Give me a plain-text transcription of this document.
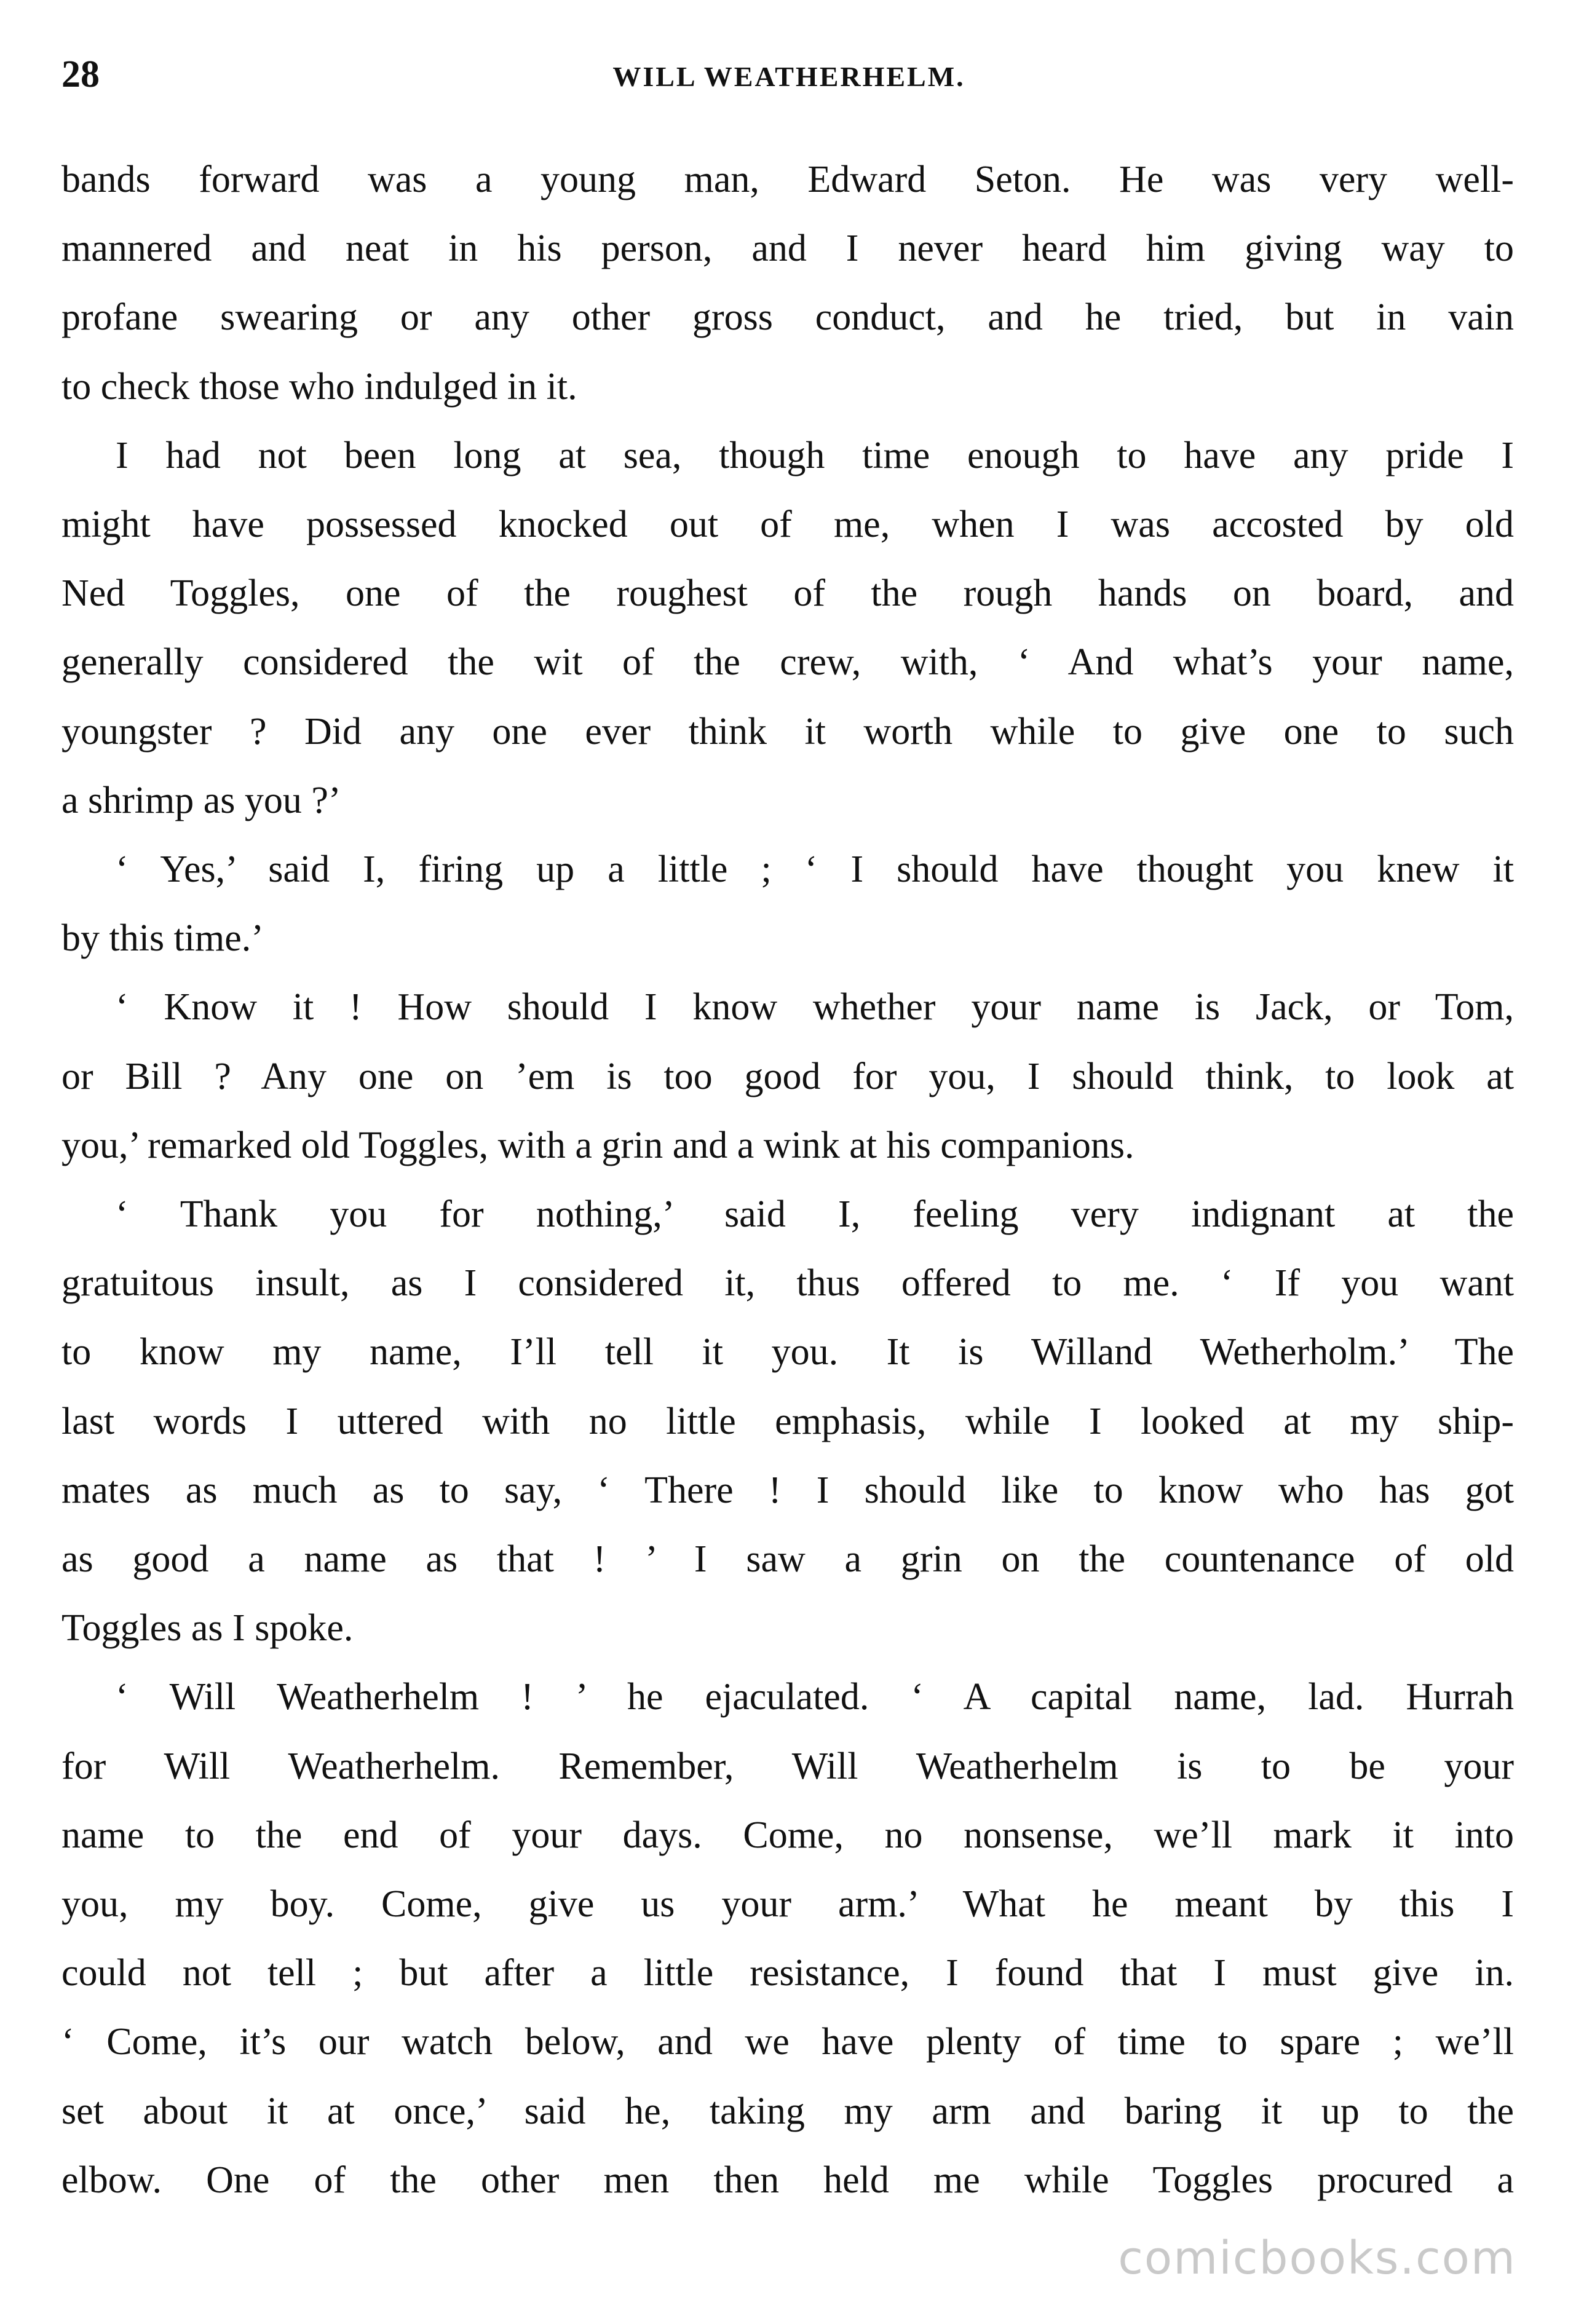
28	WILL WEATHERHELM.

bands forward was a young man, Edward Seton. He was very well-

mannered and neat in his person, and I never heard him giving way to

profane swearing or any other gross conduct, and he tried, but in vain

to check those who indulged in it.

I had not been long at sea, though time enough to have any pride I

might have possessed knocked out of me, when I was accosted by old

Ned Toggles, one of the roughest of the rough hands on board, and

generally considered the wit of the crew, with, ‘ And what’s your name,

youngster ? Did any one ever think it worth while to give one to such

a shrimp as you ?’

‘ Yes,’ said I, firing up a little ; ‘ I should have thought you knew it

by this time.’

‘ Know it ! How should I know whether your name is Jack, or Tom,

or Bill ? Any one on ’em is too good for you, I should think, to look at

you,’ remarked old Toggles, with a grin and a wink at his companions.

‘ Thank you for nothing,’ said I, feeling very indignant at the

gratuitous insult, as I considered it, thus offered to me. ‘ If you want

to know my name, I’ll tell it you. It is Willand Wetherholm.’ The

last words I uttered with no little emphasis, while I looked at my ship-

mates as much as to say, ‘ There ! I should like to know who has got

as good a name as that ! ’ I saw a grin on the countenance of old

Toggles as I spoke.

‘ Will Weatherhelm ! ’ he ejaculated. ‘ A capital name, lad. Hurrah

for Will Weatherhelm. Remember, Will Weatherhelm is to be your

name to the end of your days. Come, no nonsense, we’ll mark it into

you, my boy. Come, give us your arm.’ What he meant by this I

could not tell ; but after a little resistance, I found that I must give in.

‘ Come, it’s our watch below, and we have plenty of time to spare ; we’ll

set about it at once,’ said he, taking my arm and baring it up to the

elbow. One of the other men then held me while Toggles procured a

comicbooks.com
